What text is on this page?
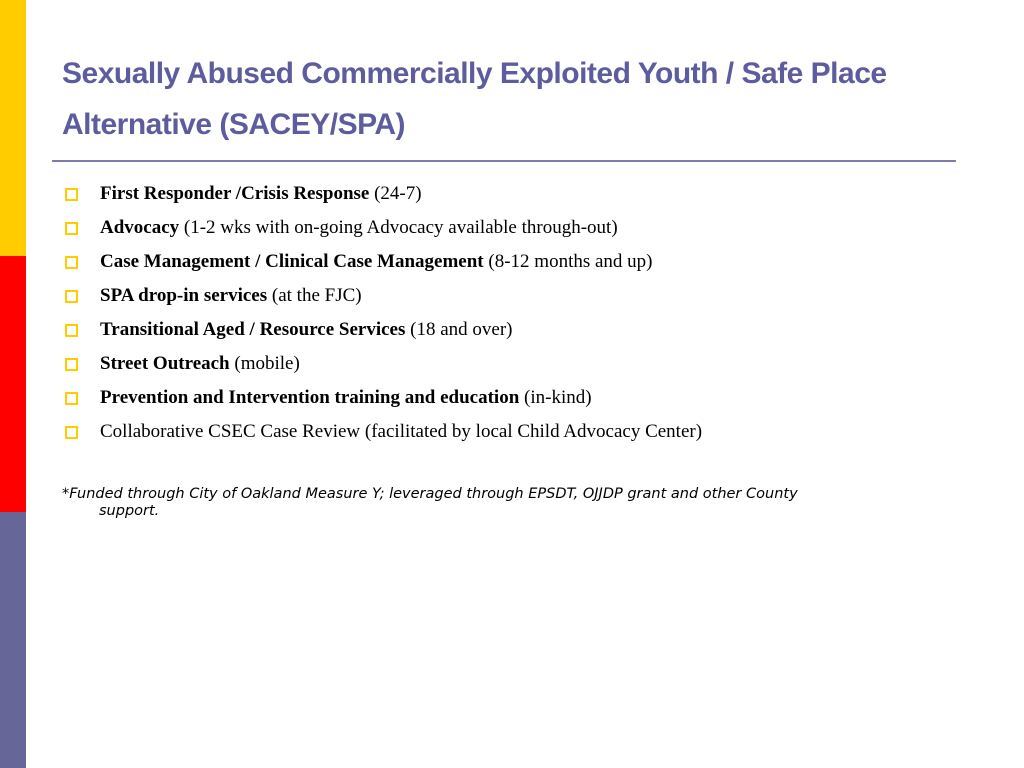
Sexually Abused Commercially Exploited Youth / Safe Place
Alternative (SACEY/SPA)
First Responder /Crisis Response (24-7)
Advocacy (1-2 wks with on-going Advocacy available through-out)
Case Management / Clinical Case Management (8-12 months and up)
SPA drop-in services (at the FJC)
Transitional Aged / Resource Services (18 and over)
Street Outreach (mobile)
Prevention and Intervention training and education (in-kind)
Collaborative CSEC Case Review (facilitated by local Child Advocacy Center)

*Funded through City of Oakland Measure Y; leveraged through EPSDT, OJJDP grant and other County
support.
